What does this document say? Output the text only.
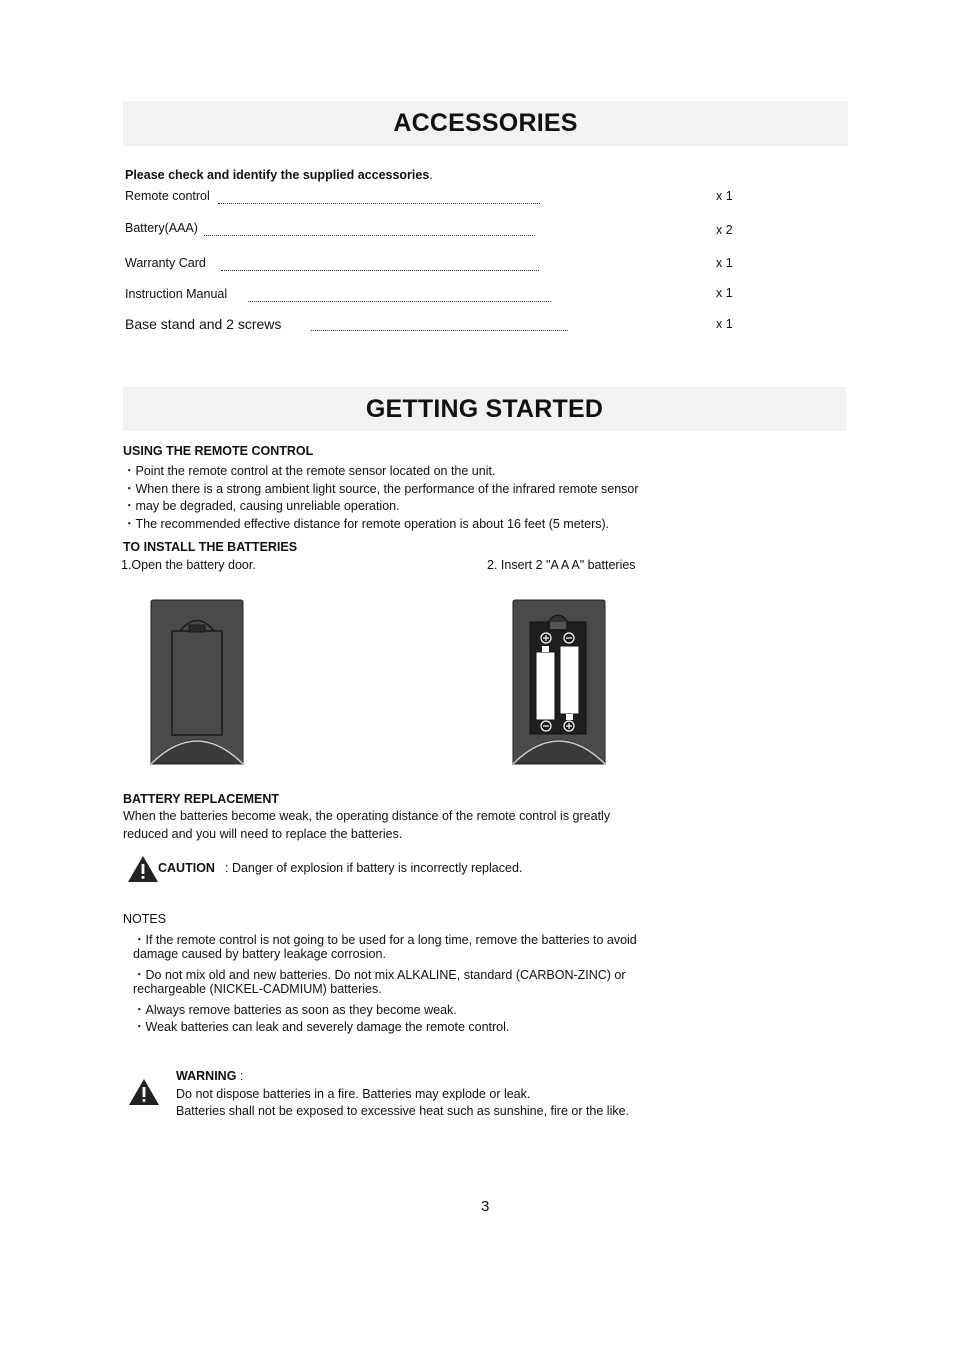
ACCESSORIES
Please check and identify the supplied accessories.
Remote control	x 1
Battery(AAA)	x 2
Warranty Card	x 1
Instruction Manual	x 1
Base stand and 2 screws	x 1
GETTING STARTED
USING THE REMOTE CONTROL
・Point the remote control at the remote sensor located on the unit.
・When there is a strong ambient light source, the performance of the infrared remote sensor
・may be degraded, causing unreliable operation.
・The recommended effective distance for remote operation is about 16 feet (5 meters).
TO INSTALL THE BATTERIES
1.Open the battery door.	2. Insert 2 "A A A" batteries
BATTERY REPLACEMENT
When the batteries become weak, the operating distance of the remote control is greatly
reduced and you will need to replace the batteries.
CAUTION : Danger of explosion if battery is incorrectly replaced.
NOTES
・If the remote control is not going to be used for a long time, remove the batteries to avoid
damage caused by battery leakage corrosion.
・Do not mix old and new batteries. Do not mix ALKALINE, standard (CARBON-ZINC) or
rechargeable (NICKEL-CADMIUM) batteries.
・Always remove batteries as soon as they become weak.
・Weak batteries can leak and severely damage the remote control.
WARNING :
Do not dispose batteries in a fire. Batteries may explode or leak.
Batteries shall not be exposed to excessive heat such as sunshine, fire or the like.
3
